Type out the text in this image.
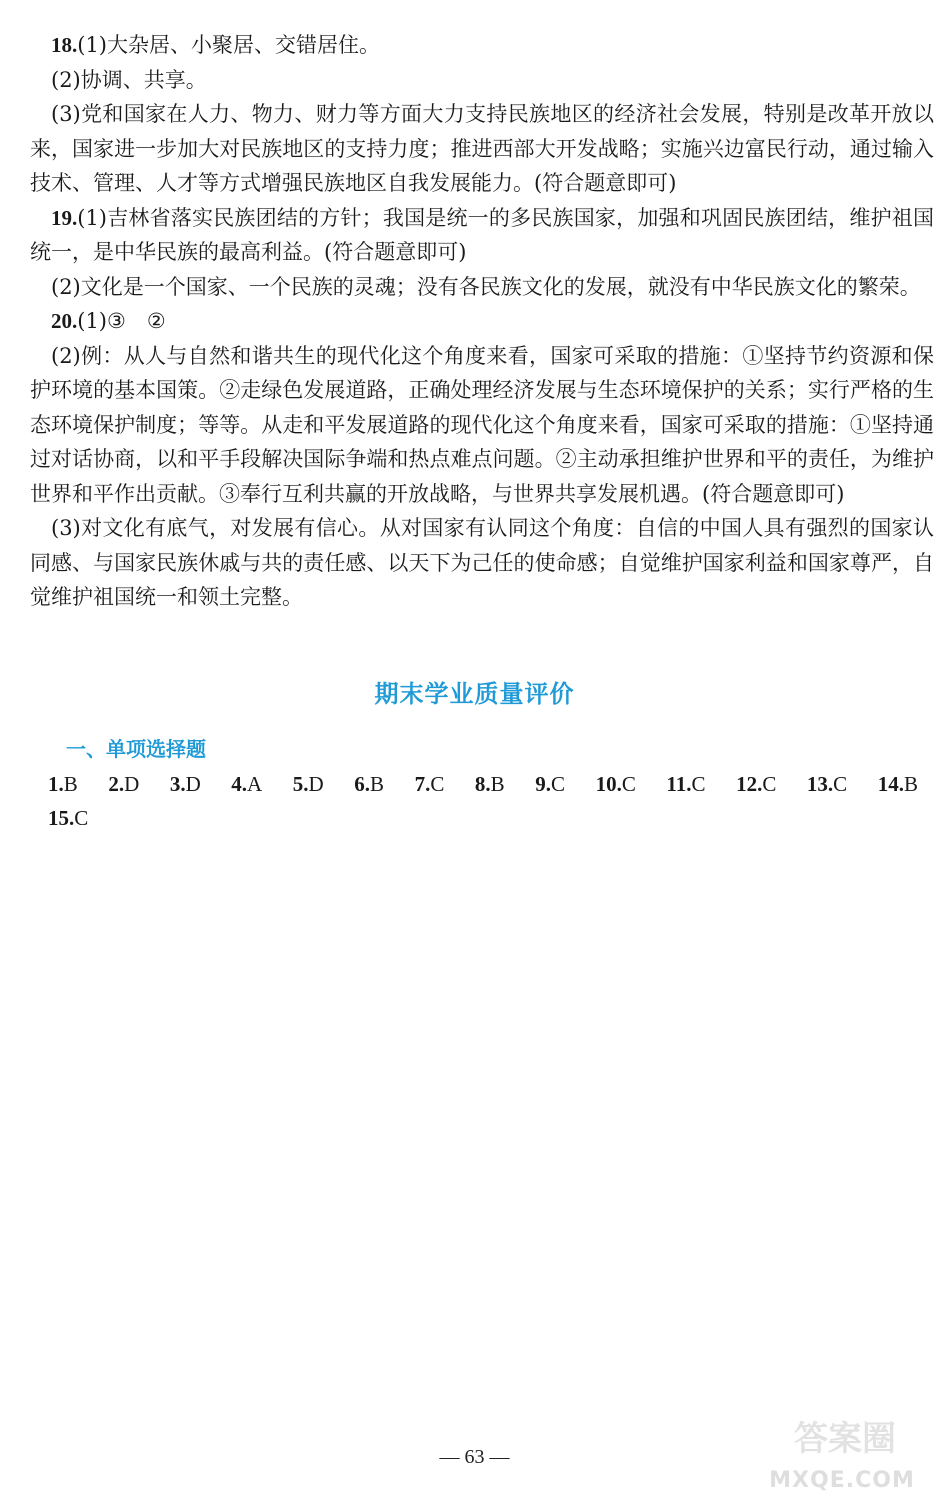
18.(1)大杂居、小聚居、交错居住。

(2)协调、共享。

(3)党和国家在人力、物力、财力等方面大力支持民族地区的经济社会发展，特别是改革开放以来，国家进一步加大对民族地区的支持力度；推进西部大开发战略；实施兴边富民行动，通过输入技术、管理、人才等方式增强民族地区自我发展能力。(符合题意即可)

19.(1)吉林省落实民族团结的方针；我国是统一的多民族国家，加强和巩固民族团结，维护祖国统一，是中华民族的最高利益。(符合题意即可)

(2)文化是一个国家、一个民族的灵魂；没有各民族文化的发展，就没有中华民族文化的繁荣。

20.(1)③　②

(2)例：从人与自然和谐共生的现代化这个角度来看，国家可采取的措施：①坚持节约资源和保护环境的基本国策。②走绿色发展道路，正确处理经济发展与生态环境保护的关系；实行严格的生态环境保护制度；等等。从走和平发展道路的现代化这个角度来看，国家可采取的措施：①坚持通过对话协商，以和平手段解决国际争端和热点难点问题。②主动承担维护世界和平的责任，为维护世界和平作出贡献。③奉行互利共赢的开放战略，与世界共享发展机遇。(符合题意即可)

(3)对文化有底气，对发展有信心。从对国家有认同这个角度：自信的中国人具有强烈的国家认同感、与国家民族休戚与共的责任感、以天下为己任的使命感；自觉维护国家利益和国家尊严，自觉维护祖国统一和领土完整。

期末学业质量评价
一、单项选择题
1.B 2.D 3.D 4.A 5.D 6.B 7.C 8.B 9.C 10.C 11.C 12.C 13.C 14.B
15.C
— 63 —	答案圈
MXQE.COM
